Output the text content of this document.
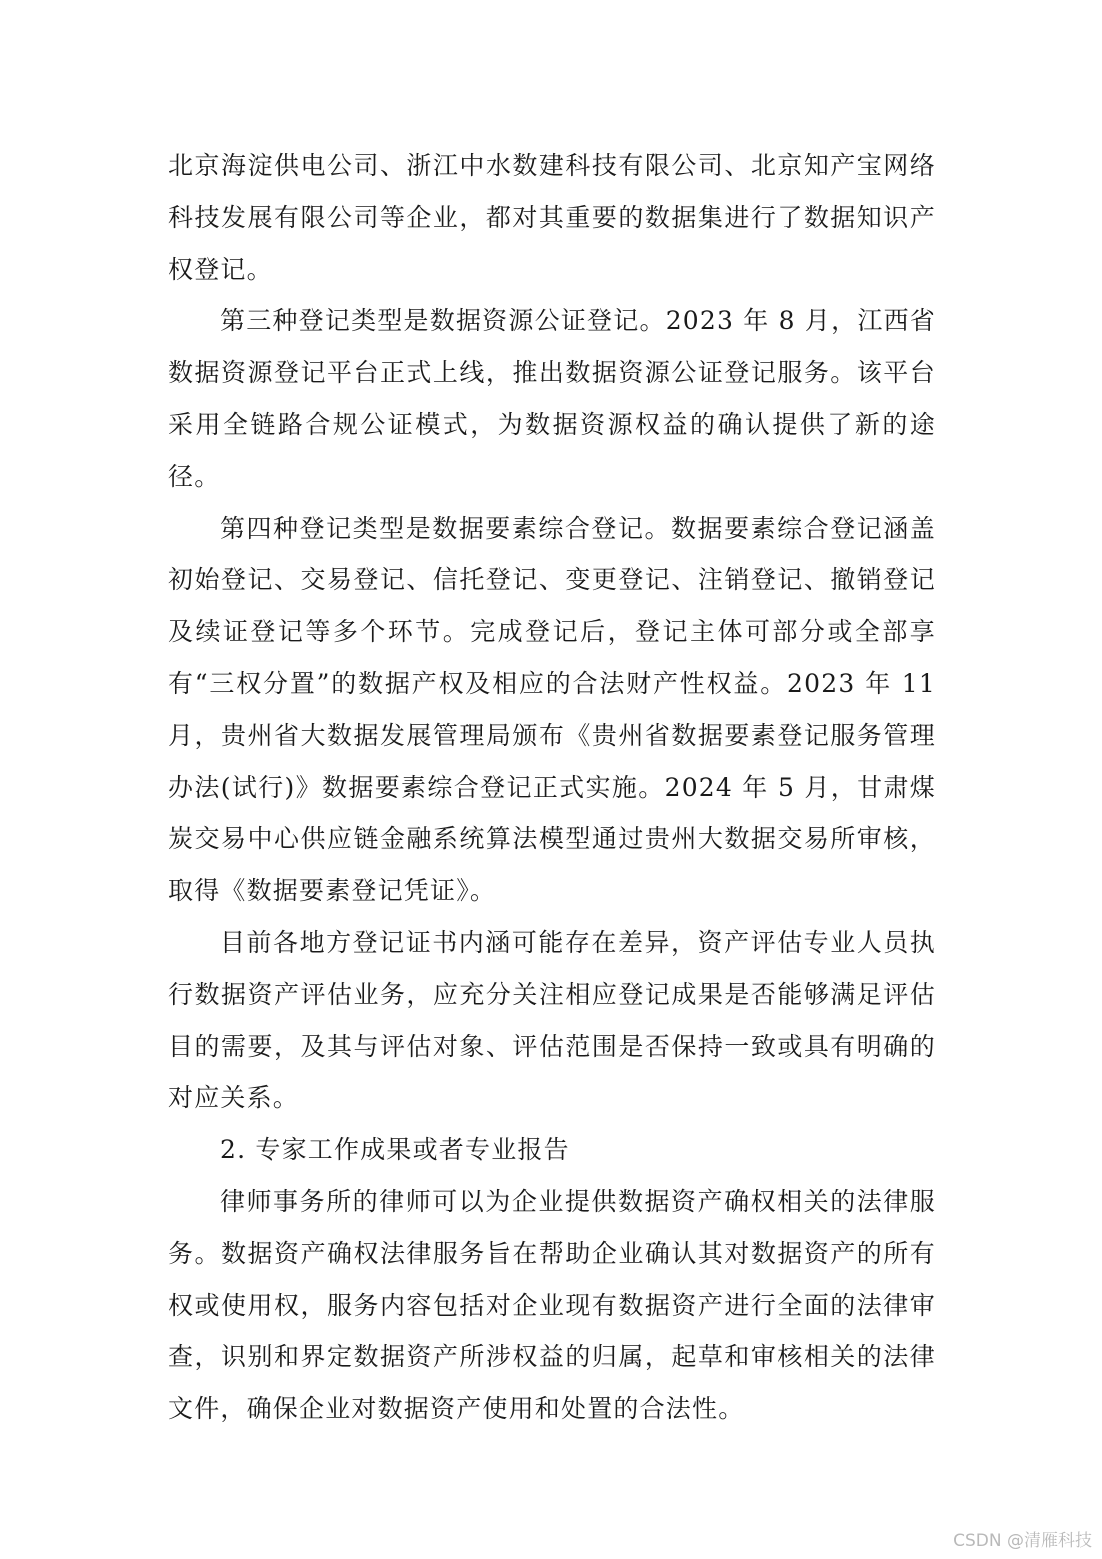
北京海淀供电公司、浙江中水数建科技有限公司、北京知产宝网络科技发展有限公司等企业，都对其重要的数据集进行了数据知识产权登记。

第三种登记类型是数据资源公证登记。2023 年 8 月，江西省数据资源登记平台正式上线，推出数据资源公证登记服务。该平台采用全链路合规公证模式，为数据资源权益的确认提供了新的途径。

第四种登记类型是数据要素综合登记。数据要素综合登记涵盖初始登记、交易登记、信托登记、变更登记、注销登记、撤销登记及续证登记等多个环节。完成登记后，登记主体可部分或全部享有“三权分置”的数据产权及相应的合法财产性权益。2023 年 11 月，贵州省大数据发展管理局颁布《贵州省数据要素登记服务管理办法(试行)》数据要素综合登记正式实施。2024 年 5 月，甘肃煤炭交易中心供应链金融系统算法模型通过贵州大数据交易所审核，取得《数据要素登记凭证》。

目前各地方登记证书内涵可能存在差异，资产评估专业人员执行数据资产评估业务，应充分关注相应登记成果是否能够满足评估目的需要，及其与评估对象、评估范围是否保持一致或具有明确的对应关系。

2. 专家工作成果或者专业报告

律师事务所的律师可以为企业提供数据资产确权相关的法律服务。数据资产确权法律服务旨在帮助企业确认其对数据资产的所有权或使用权，服务内容包括对企业现有数据资产进行全面的法律审查，识别和界定数据资产所涉权益的归属，起草和审核相关的法律文件，确保企业对数据资产使用和处置的合法性。

CSDN @清雁科技
